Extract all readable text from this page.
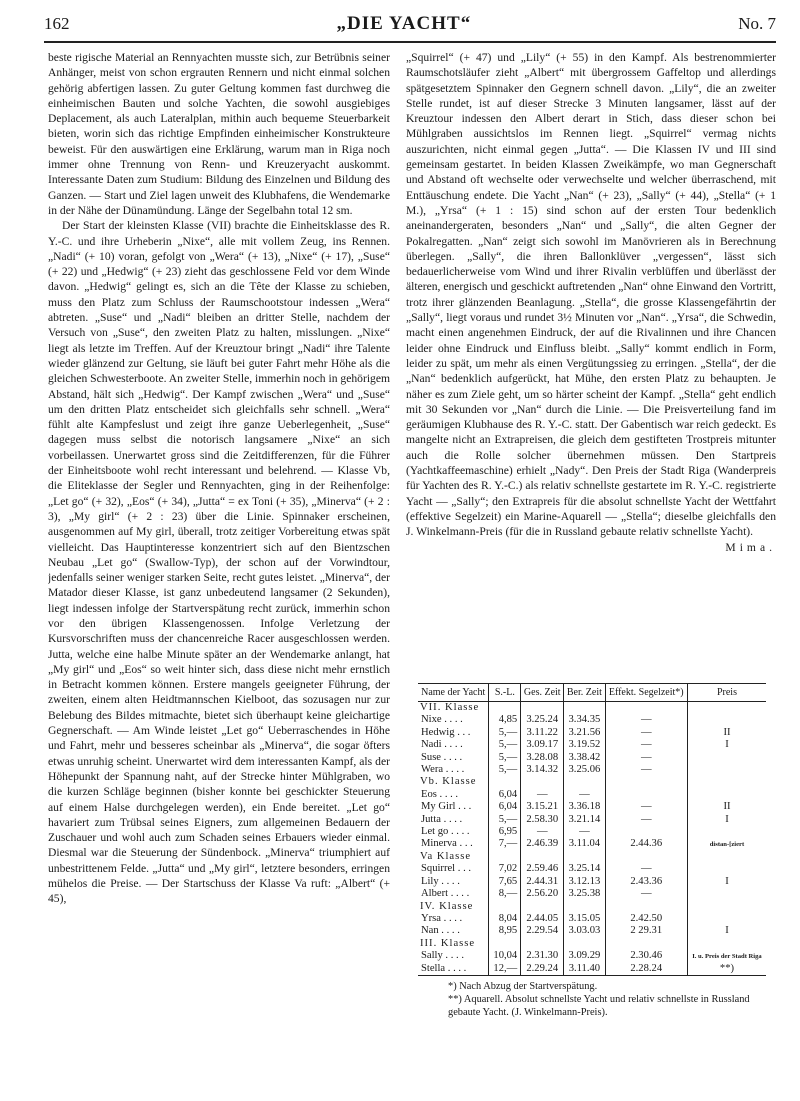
162	„DIE YACHT“	No. 7

beste rigische Material an Rennyachten musste sich, zur Betrübnis seiner Anhänger, meist von schon ergrauten Rennern und nicht einmal solchen gehörig abfertigen lassen. Zu guter Geltung kommen fast durchweg die einheimischen Bauten und solche Yachten, die sowohl ausgiebiges Deplacement, als auch Lateralplan, mithin auch bequeme Steuerbarkeit bieten, worin sich das richtige Empfinden einheimischer Konstrukteure beweist. Für den auswärtigen eine Erklärung, warum man in Riga noch immer ohne Trennung von Renn- und Kreuzeryacht auskommt. Interessante Daten zum Studium: Bildung des Einzelnen und Bildung des Ganzen. — Start und Ziel lagen unweit des Klubhafens, die Wendemarke in der Nähe der Dünamündung. Länge der Segelbahn total 12 sm.

Der Start der kleinsten Klasse (VII) brachte die Einheitsklasse des R. Y.-C. und ihre Urheberin „Nixe“, alle mit vollem Zeug, ins Rennen. „Nadi“ (+ 10) voran, gefolgt von „Wera“ (+ 13), „Nixe“ (+ 17), „Suse“ (+ 22) und „Hedwig“ (+ 23) zieht das geschlossene Feld vor dem Winde davon. „Hedwig“ gelingt es, sich an die Tête der Klasse zu schieben, muss den Platz zum Schluss der Raumschootstour indessen „Wera“ abtreten. „Suse“ und „Nadi“ bleiben an dritter Stelle, nachdem der Versuch von „Suse“, den zweiten Platz zu halten, misslungen. „Nixe“ liegt als letzte im Treffen. Auf der Kreuztour bringt „Nadi“ ihre Talente wieder glänzend zur Geltung, sie läuft bei guter Fahrt mehr Höhe als die gleichen Schwesterboote. An zweiter Stelle, immerhin noch in gehörigem Abstand, hält sich „Hedwig“. Der Kampf zwischen „Wera“ und „Suse“ um den dritten Platz entscheidet sich gleichfalls sehr schnell. „Wera“ fühlt alte Kampfeslust und zeigt ihre ganze Ueberlegenheit, „Suse“ dagegen muss selbst die notorisch langsamere „Nixe“ an sich vorbeilassen. Unerwartet gross sind die Zeitdifferenzen, für die Führer der Einheitsboote wohl recht interessant und belehrend. — Klasse Vb, die Eliteklasse der Segler und Rennyachten, ging in der Reihenfolge: „Let go“ (+ 32), „Eos“ (+ 34), „Jutta“ = ex Toni (+ 35), „Minerva“ (+ 2 : 3), „My girl“ (+ 2 : 23) über die Linie. Spinnaker erscheinen, ausgenommen auf My girl, überall, trotz zeitiger Vorbereitung etwas spät vielleicht. Das Hauptinteresse konzentriert sich auf den Bientzschen Neubau „Let go“ (Swallow-Typ), der schon auf der Vorwindtour, jedenfalls seiner weniger starken Seite, recht gutes leistet. „Minerva“, der Matador dieser Klasse, ist ganz unbedeutend langsamer (2 Sekunden), liegt indessen infolge der Startverspätung recht zurück, immerhin schon vor den übrigen Klassengenossen. Infolge Verletzung der Kursvorschriften muss der chancenreiche Racer ausgeschlossen werden. Jutta, welche eine halbe Minute später an der Wendemarke anlangt, hat „My girl“ und „Eos“ so weit hinter sich, dass diese nicht mehr ernstlich in Betracht kommen können. Erstere mangels geeigneter Führung, der zweiten, einem alten Heidtmannschen Kielboot, das sozusagen nur zur Belebung des Bildes mitmachte, bietet sich überhaupt keine gleichartige Gegnerschaft. — Am Winde leistet „Let go“ Ueberraschendes in Höhe und Fahrt, mehr und besseres scheinbar als „Minerva“, die sogar öfters etwas unruhig scheint. Unerwartet wird dem interessanten Kampf, als der Höhepunkt der Spannung naht, auf der Strecke hinter Mühlgraben, wo die kurzen Schläge beginnen (bisher konnte bei geschickter Steuerung auf einem Halse durchgelegen werden), ein Ende bereitet. „Let go“ havariert zum Trübsal seines Eigners, zum allgemeinen Bedauern der Zuschauer und wohl auch zum Schaden seines Erbauers wieder einmal. Diesmal war die Steuerung der Sündenbock. „Minerva“ triumphiert auf unbestrittenem Felde. „Jutta“ und „My girl“, letztere besonders, erringen mühelos die Preise. — Der Startschuss der Klasse Va ruft: „Albert“ (+ 45),

„Squirrel“ (+ 47) und „Lily“ (+ 55) in den Kampf. Als bestrenommierter Raumschotsläufer zieht „Albert“ mit übergrossem Gaffeltop und allerdings spätgesetztem Spinnaker den Gegnern schnell davon. „Lily“, die an zweiter Stelle rundet, ist auf dieser Strecke 3 Minuten langsamer, lässt auf der Kreuztour indessen den Albert derart in Stich, dass dieser schon bei Mühlgraben aussichtslos im Rennen liegt. „Squirrel“ vermag nichts auszurichten, nicht einmal gegen „Jutta“. — Die Klassen IV und III sind gemeinsam gestartet. In beiden Klassen Zweikämpfe, wo man Gegnerschaft und Abstand oft wechselte oder verwechselte und welcher überraschend, mit Enttäuschung endete. Die Yacht „Nan“ (+ 23), „Sally“ (+ 44), „Stella“ (+ 1 M.), „Yrsa“ (+ 1 : 15) sind schon auf der ersten Tour bedenklich aneinandergeraten, besonders „Nan“ und „Sally“, die alten Gegner der Pokalregatten. „Nan“ zeigt sich sowohl im Manövrieren als in Berechnung überlegen. „Sally“, die ihren Ballonklüver „vergessen“, lässt sich bedauerlicherweise vom Wind und ihrer Rivalin verblüffen und überlässt der älteren, energisch und geschickt auftretenden „Nan“ ohne Einwand den Vortritt, trotz ihrer glänzenden Beanlagung. „Stella“, die grosse Klassengefährtin der „Sally“, liegt voraus und rundet 3½ Minuten vor „Nan“. „Yrsa“, die Schwedin, macht einen angenehmen Eindruck, der auf die Rivalinnen und ihre Chancen leider ohne Eindruck und Einfluss bleibt. „Sally“ kommt endlich in Form, leider zu spät, um mehr als einen Vergütungssieg zu erringen. „Stella“, der die „Nan“ bedenklich aufgerückt, hat Mühe, den ersten Platz zu behaupten. Je näher es zum Ziele geht, um so härter scheint der Kampf. „Stella“ geht endlich mit 30 Sekunden vor „Nan“ durch die Linie. — Die Preisverteilung fand im geräumigen Klubhause des R. Y.-C. statt. Der Gabentisch war reich gedeckt. Es mangelte nicht an Extrapreisen, die gleich dem gestifteten Trostpreis mitunter auch die Rolle solcher übernehmen müssen. Den Startpreis (Yachtkaffeemaschine) erhielt „Nady“. Den Preis der Stadt Riga (Wanderpreis für Yachten des R. Y.-C.) als relativ schnellste gestartete im R. Y.-C. registrierte Yacht — „Sally“; den Extrapreis für die absolut schnellste Yacht der Wettfahrt (effektive Segelzeit) ein Marine-Aquarell — „Stella“; dieselbe gleichfalls den J. Winkelmann-Preis (für die in Russland gebaute relativ schnellste Yacht).

Mima.

Name der Yacht	S.-L.	Ges. Zeit	Ber. Zeit	Effekt. Segelzeit*)	Preis
VII. Klasse					
Nixe . . . .	4,85	3.25.24	3.34.35	—	
Hedwig . . .	5,—	3.11.22	3.21.56	—	II
Nadi . . . .	5,—	3.09.17	3.19.52	—	I
Suse . . . .	5,—	3.28.08	3.38.42	—	
Wera . . . .	5,—	3.14.32	3.25.06	—	
Vb. Klasse					
Eos . . . .	6,04	—	—		
My Girl . . .	6,04	3.15.21	3.36.18	—	II
Jutta . . . .	5,—	2.58.30	3.21.14	—	I
Let go . . . .	6,95	—	—		
Minerva . . .	7,—	2.46.39	3.11.04	2.44.36	distan-[ziert
Va Klasse					
Squirrel . . .	7,02	2.59.46	3.25.14	—	
Lily . . . .	7,65	2.44.31	3.12.13	2.43.36	I
Albert . . . .	8,—	2.56.20	3.25.38	—	
IV. Klasse					
Yrsa . . . .	8,04	2.44.05	3.15.05	2.42.50	
Nan . . . .	8,95	2.29.54	3.03.03	2 29.31	I
III. Klasse					
Sally . . . .	10,04	2.31.30	3.09.29	2.30.46	I. u. Preis der Stadt Riga
Stella . . . .	12,—	2.29.24	3.11.40	2.28.24	**)

*) Nach Abzug der Startverspätung.

**) Aquarell. Absolut schnellste Yacht und relativ schnellste in Russland gebaute Yacht. (J. Winkelmann-Preis).
